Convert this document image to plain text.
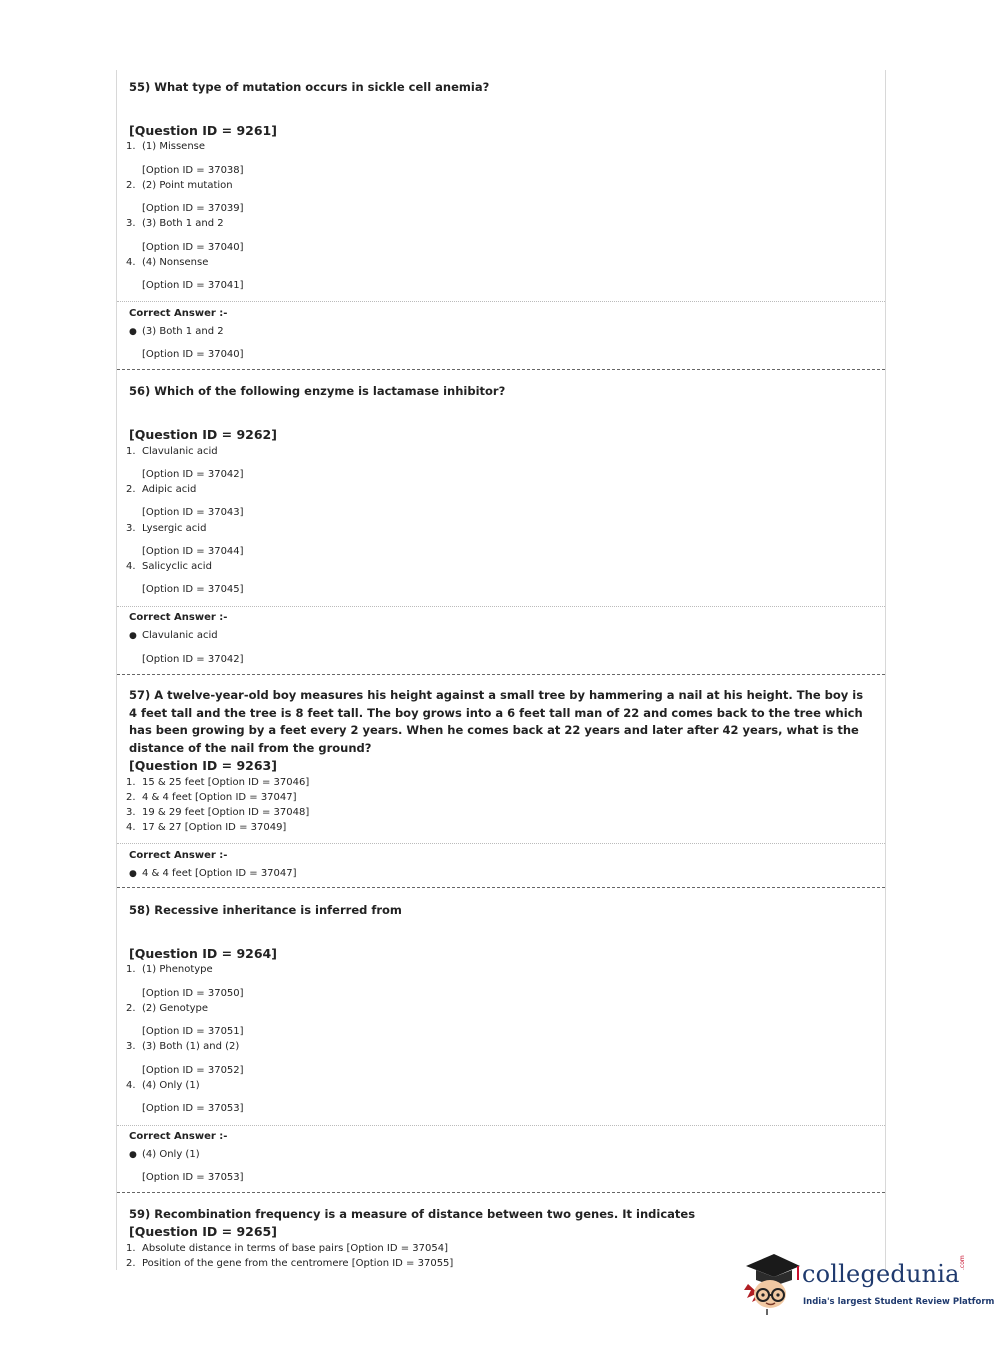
55) What type of mutation occurs in sickle cell anemia?
[Question ID = 9261]
1. (1) Missense
[Option ID = 37038]
2. (2) Point mutation
[Option ID = 37039]
3. (3) Both 1 and 2
[Option ID = 37040]
4. (4) Nonsense
[Option ID = 37041]
Correct Answer :-
● (3) Both 1 and 2
[Option ID = 37040]
56) Which of the following enzyme is lactamase inhibitor?
[Question ID = 9262]
1. Clavulanic acid
[Option ID = 37042]
2. Adipic acid
[Option ID = 37043]
3. Lysergic acid
[Option ID = 37044]
4. Salicyclic acid
[Option ID = 37045]
Correct Answer :-
● Clavulanic acid
[Option ID = 37042]
57) A twelve-year-old boy measures his height against a small tree by hammering a nail at his height. The boy is 4 feet tall and the tree is 8 feet tall. The boy grows into a 6 feet tall man of 22 and comes back to the tree which has been growing by a feet every 2 years. When he comes back at 22 years and later after 42 years, what is the distance of the nail from the ground?
[Question ID = 9263]
1. 15 & 25 feet [Option ID = 37046]
2. 4 & 4 feet [Option ID = 37047]
3. 19 & 29 feet [Option ID = 37048]
4. 17 & 27 [Option ID = 37049]
Correct Answer :-
● 4 & 4 feet [Option ID = 37047]
58) Recessive inheritance is inferred from
[Question ID = 9264]
1. (1) Phenotype
[Option ID = 37050]
2. (2) Genotype
[Option ID = 37051]
3. (3) Both (1) and (2)
[Option ID = 37052]
4. (4) Only (1)
[Option ID = 37053]
Correct Answer :-
● (4) Only (1)
[Option ID = 37053]
59) Recombination frequency is a measure of distance between two genes. It indicates
[Question ID = 9265]
1. Absolute distance in terms of base pairs [Option ID = 37054]
2. Position of the gene from the centromere [Option ID = 37055]	collegedunia .com
India's largest Student Review Platform
